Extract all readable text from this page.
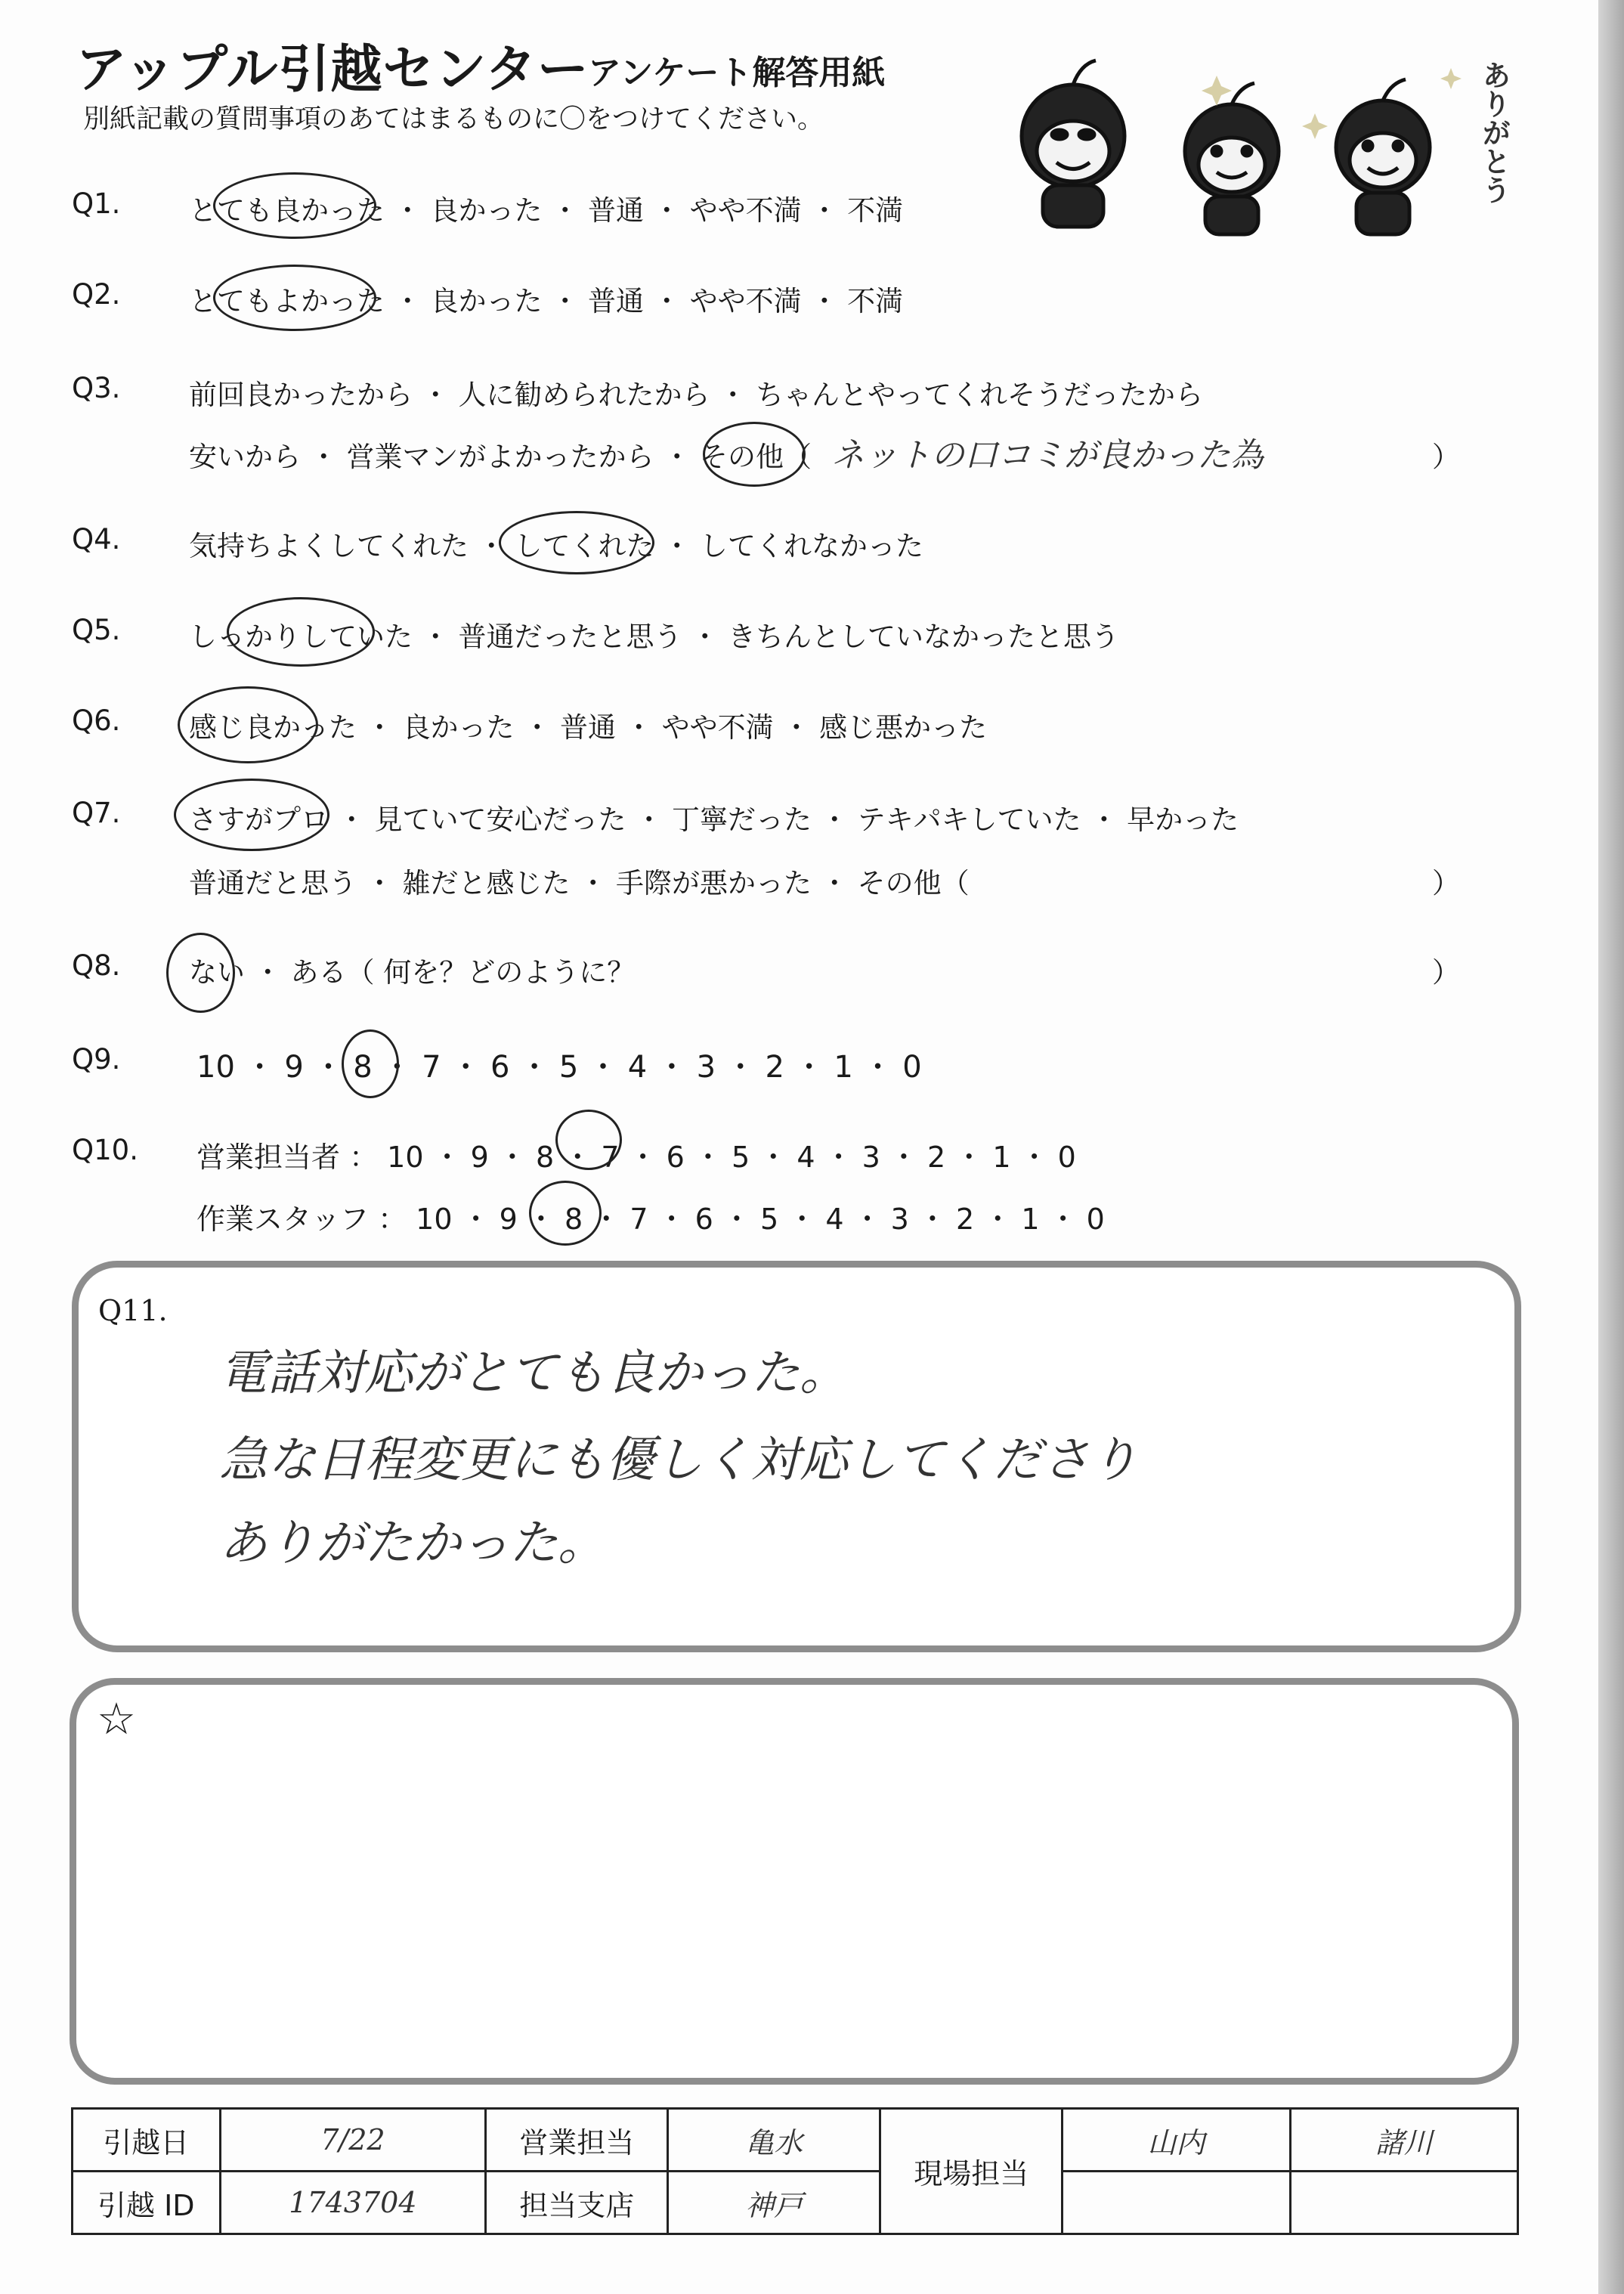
アップル引越センター
アンケート解答用紙
別紙記載の質問事項のあてはまるものに〇をつけてください。	ありがとう
Q1. とても良かった ・ 良かった ・ 普通 ・ やや不満 ・ 不満
Q2. とてもよかった ・ 良かった ・ 普通 ・ やや不満 ・ 不満
Q3. 前回良かったから ・ 人に勧められたから ・ ちゃんとやってくれそうだったから
安いから ・ 営業マンがよかったから ・ その他（ ネットの口コミが良かった為	）
Q4. 気持ちよくしてくれた ・ してくれた ・ してくれなかった
Q5. しっかりしていた ・ 普通だったと思う ・ きちんとしていなかったと思う
Q6. 感じ良かった ・ 良かった ・ 普通 ・ やや不満 ・ 感じ悪かった
Q7. さすがプロ ・ 見ていて安心だった ・ 丁寧だった ・ テキパキしていた ・ 早かった
普通だと思う ・ 雑だと感じた ・ 手際が悪かった ・ その他（	）
Q8. ない ・ ある（ 何を？どのように？	）
Q9.	10 ・ 9 ・ 8 ・ 7 ・ 6 ・ 5 ・ 4 ・ 3 ・ 2 ・ 1 ・ 0
Q10. 営業担当者 ： 10 ・ 9 ・ 8 ・ 7 ・ 6 ・ 5 ・ 4 ・ 3 ・ 2 ・ 1 ・ 0
作業スタッフ ： 10 ・ 9 ・ 8 ・ 7 ・ 6 ・ 5 ・ 4 ・ 3 ・ 2 ・ 1 ・ 0
Q11.
電話対応がとても良かった。
急な日程変更にも優しく対応してくださり
ありがたかった。
☆
引越日	7/22	営業担当	亀水	現場担当	山内	諸川
引越 ID	1743704	担当支店	神戸			
